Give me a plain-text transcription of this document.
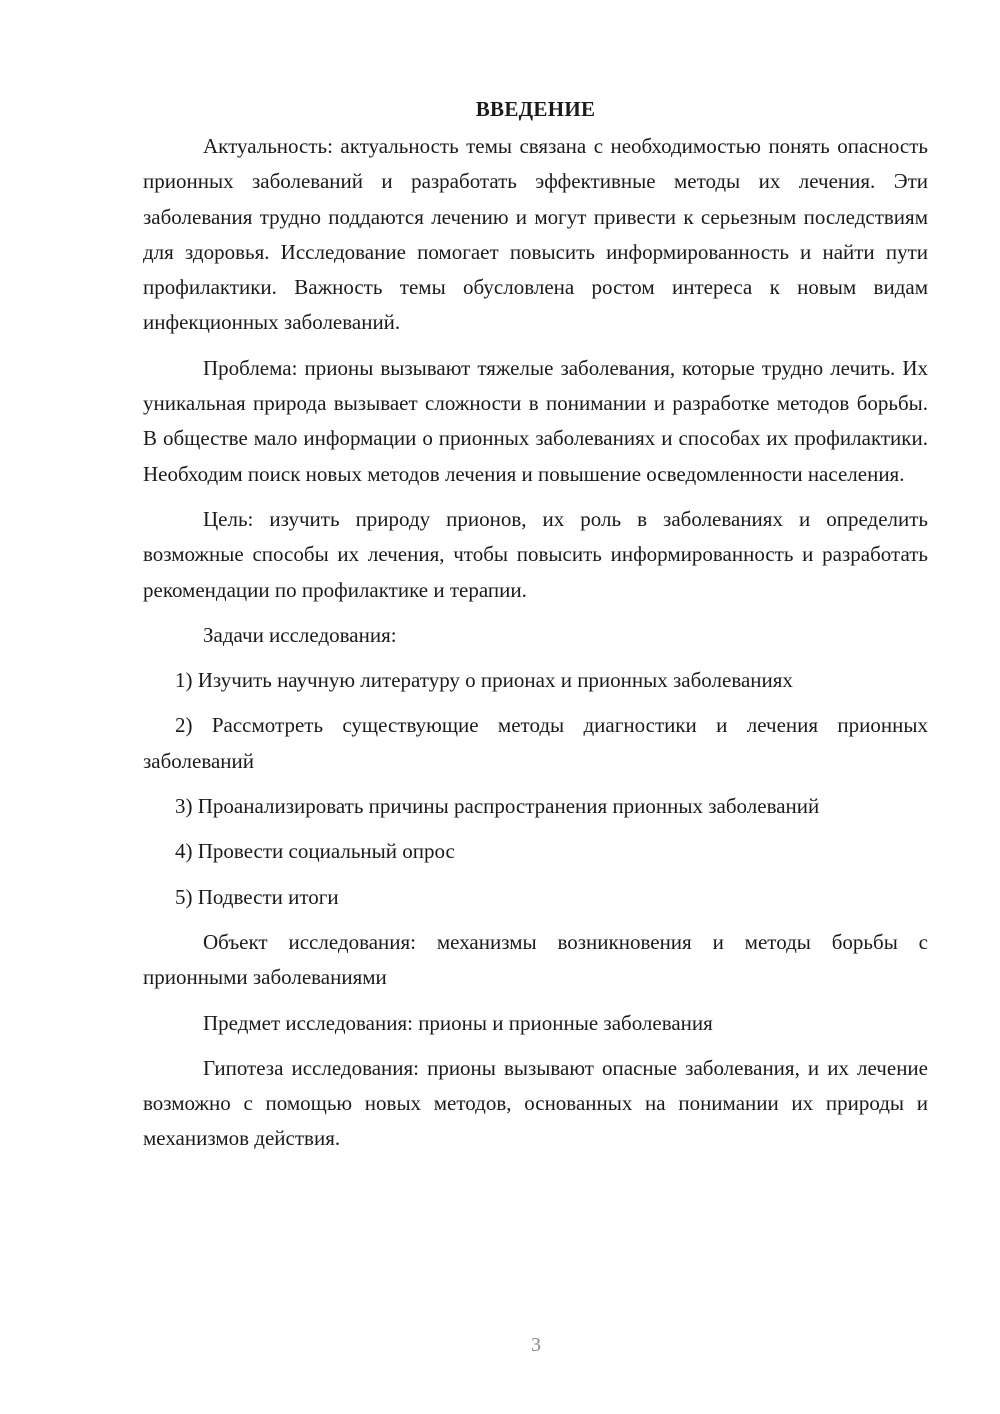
ВВЕДЕНИЕ

Актуальность: актуальность темы связана с необходимостью понять опасность прионных заболеваний и разработать эффективные методы их лечения. Эти заболевания трудно поддаются лечению и могут привести к серьезным последствиям для здоровья. Исследование помогает повысить информированность и найти пути профилактики. Важность темы обусловлена ростом интереса к новым видам инфекционных заболеваний.

Проблема: прионы вызывают тяжелые заболевания, которые трудно лечить. Их уникальная природа вызывает сложности в понимании и разработке методов борьбы. В обществе мало информации о прионных заболеваниях и способах их профилактики. Необходим поиск новых методов лечения и повышение осведомленности населения.

Цель: изучить природу прионов, их роль в заболеваниях и определить возможные способы их лечения, чтобы повысить информированность и разработать рекомендации по профилактике и терапии.

Задачи исследования:

1) Изучить научную литературу о прионах и прионных заболеваниях

2) Рассмотреть существующие методы диагностики и лечения прионных заболеваний

3) Проанализировать причины распространения прионных заболеваний

4) Провести социальный опрос

5) Подвести итоги

Объект исследования: механизмы возникновения и методы борьбы с прионными заболеваниями

Предмет исследования: прионы и прионные заболевания

Гипотеза исследования: прионы вызывают опасные заболевания, и их лечение возможно с помощью новых методов, основанных на понимании их природы и механизмов действия.

3
